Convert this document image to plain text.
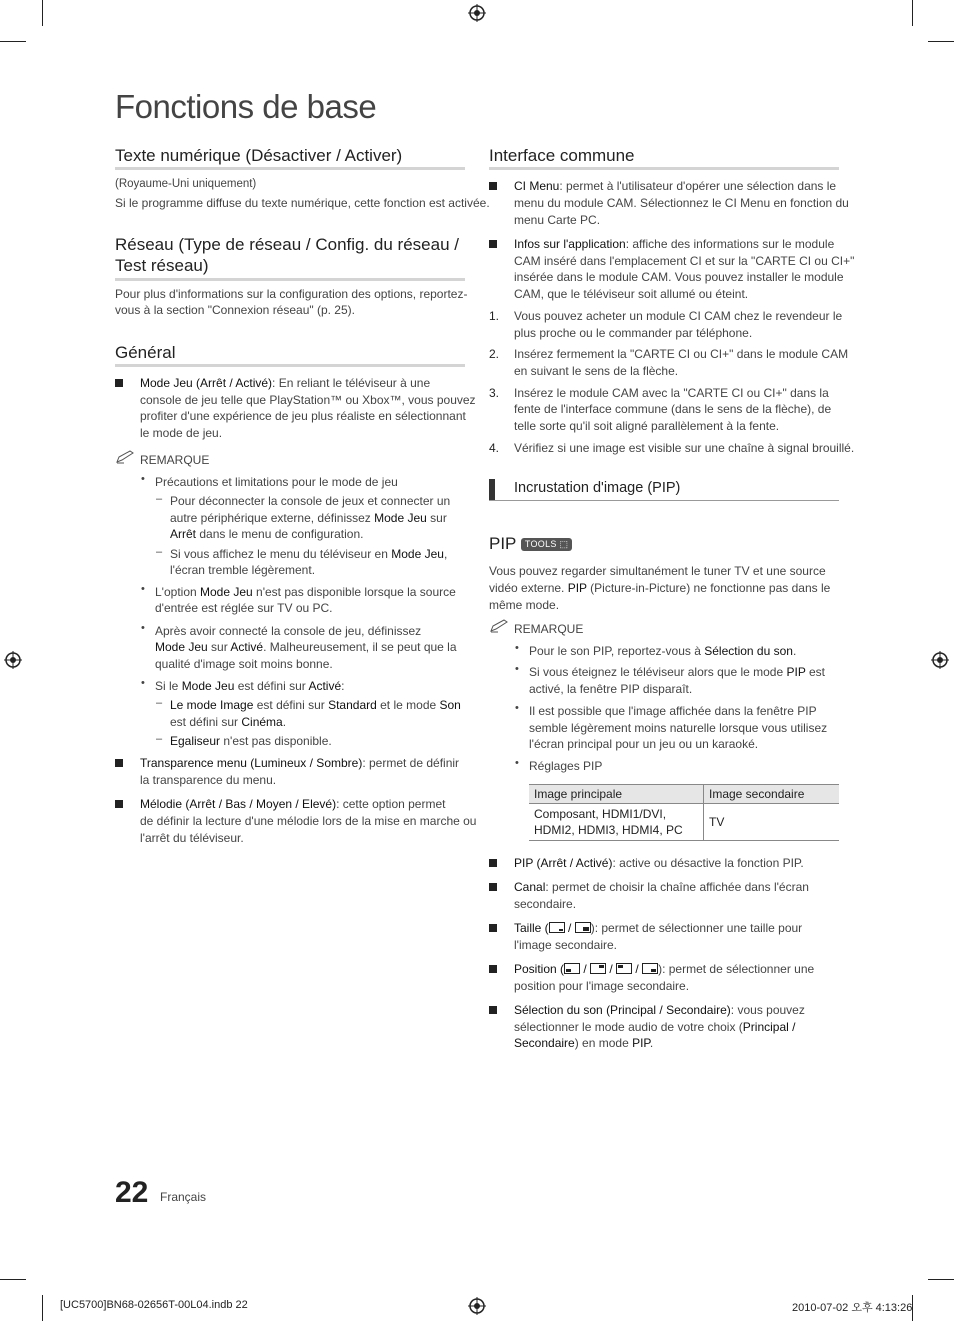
Fonctions de base
Texte numérique (Désactiver / Activer)
(Royaume-Uni uniquement)
Si le programme diffuse du texte numérique, cette fonction est activée.
Réseau (Type de réseau / Config. du réseau /
Test réseau)
Pour plus d'informations sur la configuration des options, reportez-
vous à la section "Connexion réseau" (p. 25).
Général
Mode Jeu (Arrêt / Activé): En reliant le téléviseur à une
console de jeu telle que PlayStation™ ou Xbox™, vous pouvez
profiter d'une expérience de jeu plus réaliste en sélectionnant
le mode de jeu.
REMARQUE
• Précautions et limitations pour le mode de jeu
– Pour déconnecter la console de jeux et connecter un
autre périphérique externe, définissez Mode Jeu sur
Arrêt dans le menu de configuration.
– Si vous affichez le menu du téléviseur en Mode Jeu,
l'écran tremble légèrement.
• L'option Mode Jeu n'est pas disponible lorsque la source
d'entrée est réglée sur TV ou PC.
• Après avoir connecté la console de jeu, définissez
Mode Jeu sur Activé. Malheureusement, il se peut que la
qualité d'image soit moins bonne.
• Si le Mode Jeu est défini sur Activé:
– Le mode Image est défini sur Standard et le mode Son
est défini sur Cinéma.
– Egaliseur n'est pas disponible.
Transparence menu (Lumineux / Sombre): permet de définir
la transparence du menu.
Mélodie (Arrêt / Bas / Moyen / Elevé): cette option permet
de définir la lecture d'une mélodie lors de la mise en marche ou
l'arrêt du téléviseur.
Interface commune
CI Menu: permet à l'utilisateur d'opérer une sélection dans le
menu du module CAM. Sélectionnez le CI Menu en fonction du
menu Carte PC.
Infos sur l'application: affiche des informations sur le module
CAM inséré dans l'emplacement CI et sur la "CARTE CI ou CI+"
insérée dans le module CAM. Vous pouvez installer le module
CAM, que le téléviseur soit allumé ou éteint.
1. Vous pouvez acheter un module CI CAM chez le revendeur le
plus proche ou le commander par téléphone.
2. Insérez fermement la "CARTE CI ou CI+" dans le module CAM
en suivant le sens de la flèche.
3. Insérez le module CAM avec la "CARTE CI ou CI+" dans la
fente de l'interface commune (dans le sens de la flèche), de
telle sorte qu'il soit aligné parallèlement à la fente.
4. Vérifiez si une image est visible sur une chaîne à signal brouillé.
Incrustation d'image (PIP)
PIP TOOLS ⬚
Vous pouvez regarder simultanément le tuner TV et une source
vidéo externe. PIP (Picture-in-Picture) ne fonctionne pas dans le
même mode.
REMARQUE
• Pour le son PIP, reportez-vous à Sélection du son.
• Si vous éteignez le téléviseur alors que le mode PIP est
activé, la fenêtre PIP disparaît.
• Il est possible que l'image affichée dans la fenêtre PIP
semble légèrement moins naturelle lorsque vous utilisez
l'écran principal pour un jeu ou un karaoké.
• Réglages PIP
Image principale	Image secondaire
Composant, HDMI1/DVI,
HDMI2, HDMI3, HDMI4, PC	TV
PIP (Arrêt / Activé): active ou désactive la fonction PIP.
Canal: permet de choisir la chaîne affichée dans l'écran
secondaire.
Taille (
/
): permet de sélectionner une taille pour
l'image secondaire.
Position (
/
/
/
): permet de sélectionner une
position pour l'image secondaire.
Sélection du son (Principal / Secondaire): vous pouvez
sélectionner le mode audio de votre choix (Principal /
Secondaire) en mode PIP.
22 Français
[UC5700]BN68-02656T-00L04.indb 22	2010-07-02 오후 4:13:26
